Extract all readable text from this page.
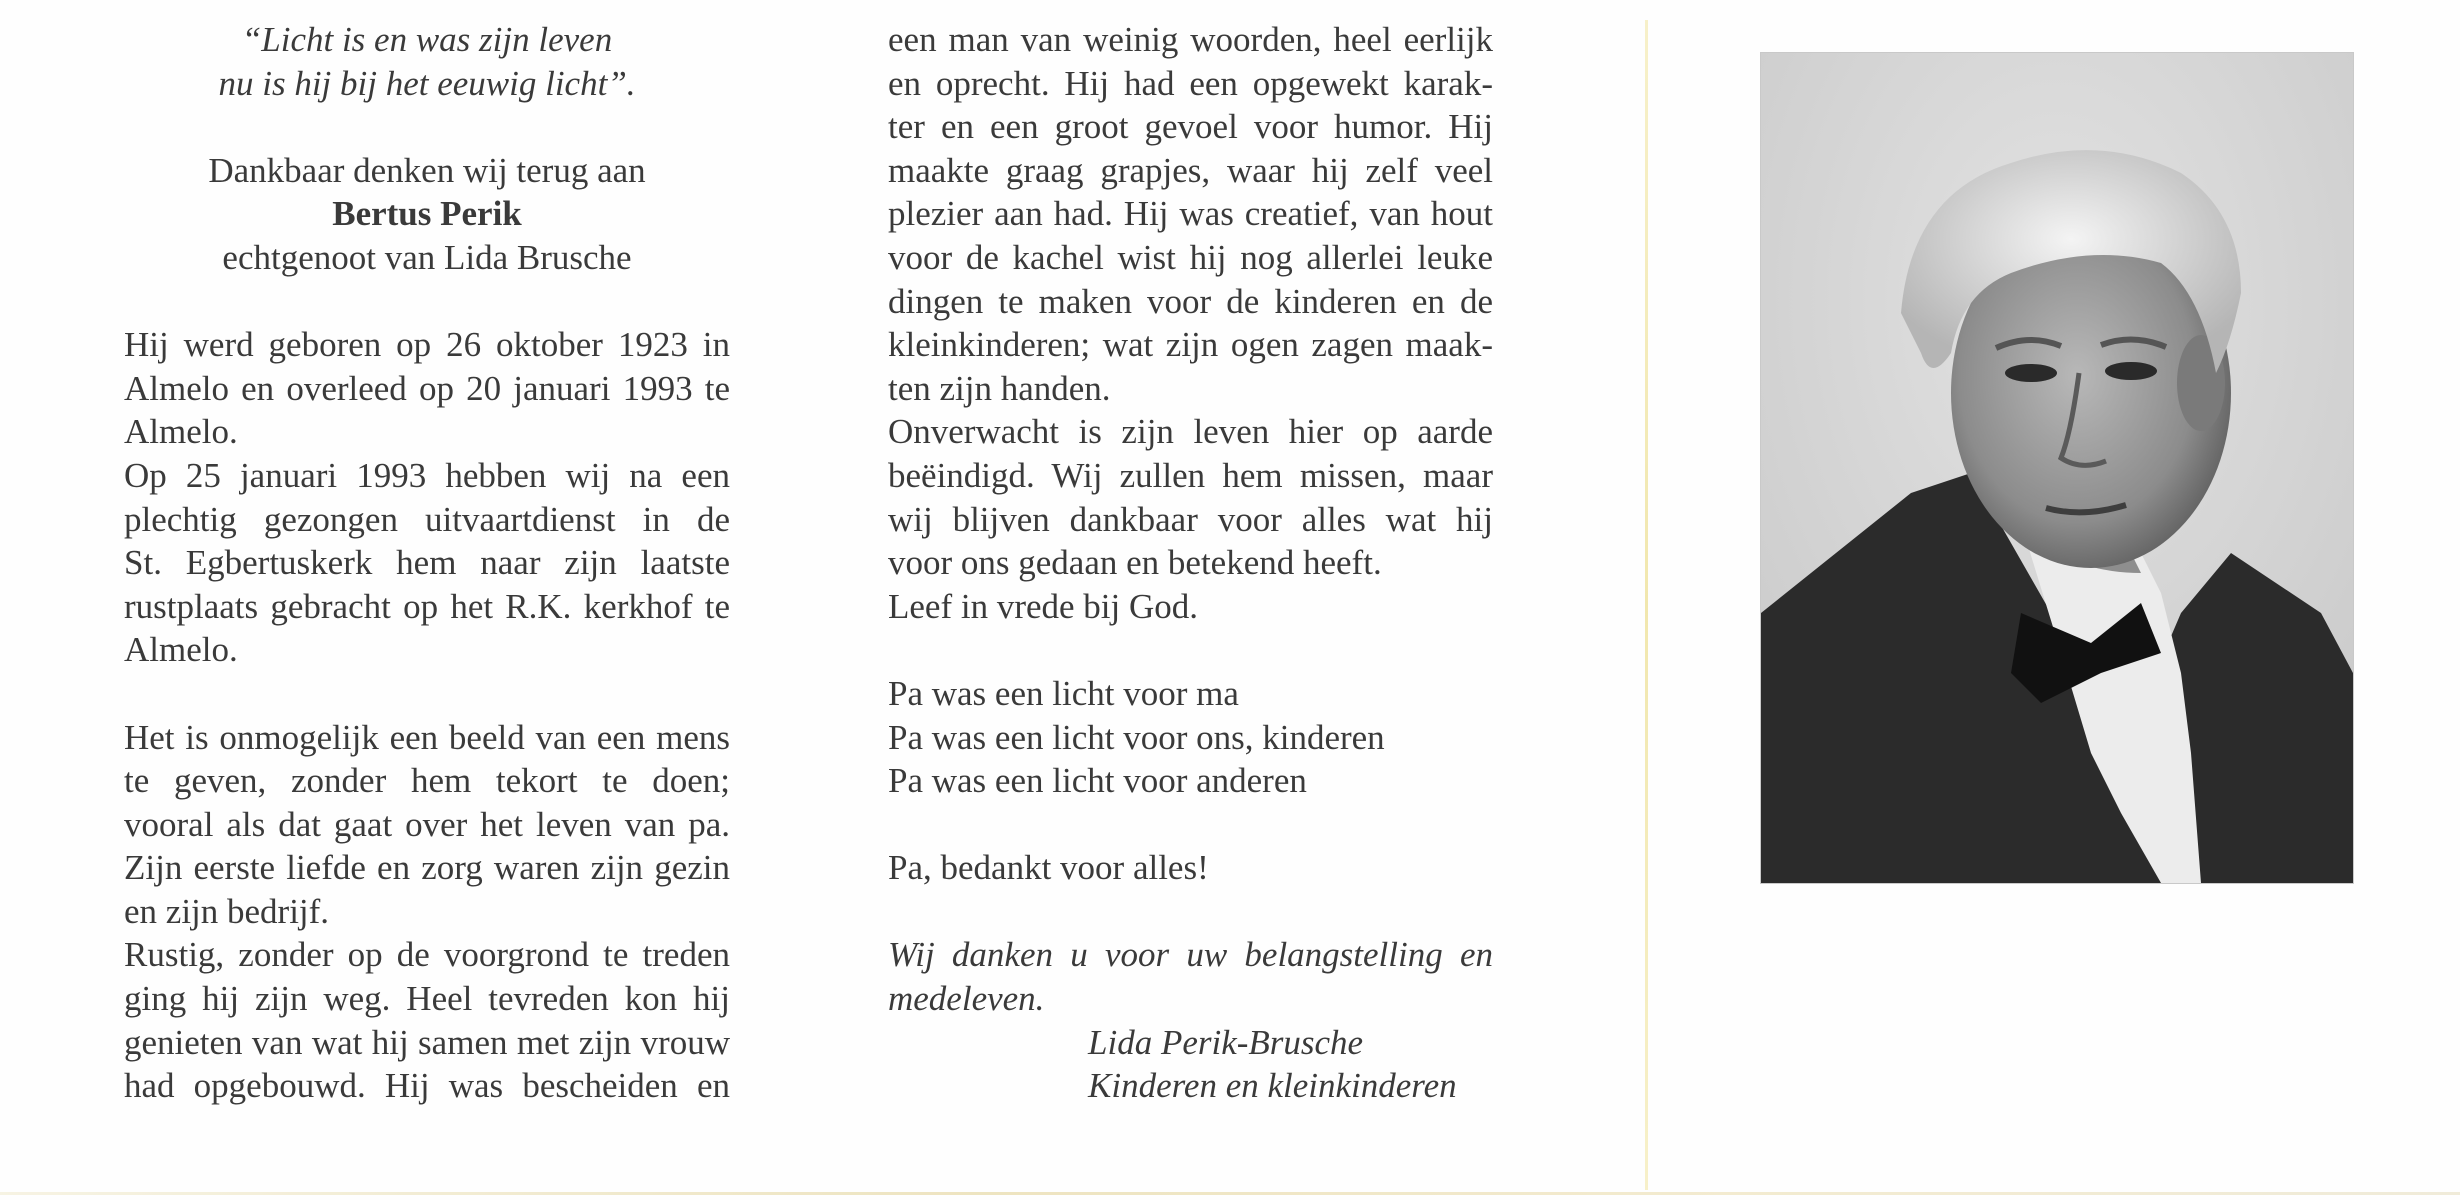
“Licht is en was zijn leven
nu is hij bij het eeuwig licht”.
Dankbaar denken wij terug aan
Bertus Perik
echtgenoot van Lida Brusche
Hij werd geboren op 26 oktober 1923 in
Almelo en overleed op 20 januari 1993 te
Almelo.
Op 25 januari 1993 hebben wij na een
plechtig gezongen uitvaartdienst in de
St. Egbertuskerk hem naar zijn laatste
rustplaats gebracht op het R.K. kerkhof te
Almelo.
Het is onmogelijk een beeld van een mens
te geven, zonder hem tekort te doen;
vooral als dat gaat over het leven van pa.
Zijn eerste liefde en zorg waren zijn gezin
en zijn bedrijf.
Rustig, zonder op de voorgrond te treden
ging hij zijn weg. Heel tevreden kon hij
genieten van wat hij samen met zijn vrouw
had opgebouwd. Hij was bescheiden en
een man van weinig woorden, heel eerlijk
en oprecht. Hij had een opgewekt karak-
ter en een groot gevoel voor humor. Hij
maakte graag grapjes, waar hij zelf veel
plezier aan had. Hij was creatief, van hout
voor de kachel wist hij nog allerlei leuke
dingen te maken voor de kinderen en de
kleinkinderen; wat zijn ogen zagen maak-
ten zijn handen.
Onverwacht is zijn leven hier op aarde
beëindigd. Wij zullen hem missen, maar
wij blijven dankbaar voor alles wat hij
voor ons gedaan en betekend heeft.
Leef in vrede bij God.
Pa was een licht voor ma
Pa was een licht voor ons, kinderen
Pa was een licht voor anderen
Pa, bedankt voor alles!
Wij danken u voor uw belangstelling en
medeleven.
Lida Perik-Brusche
Kinderen en kleinkinderen
